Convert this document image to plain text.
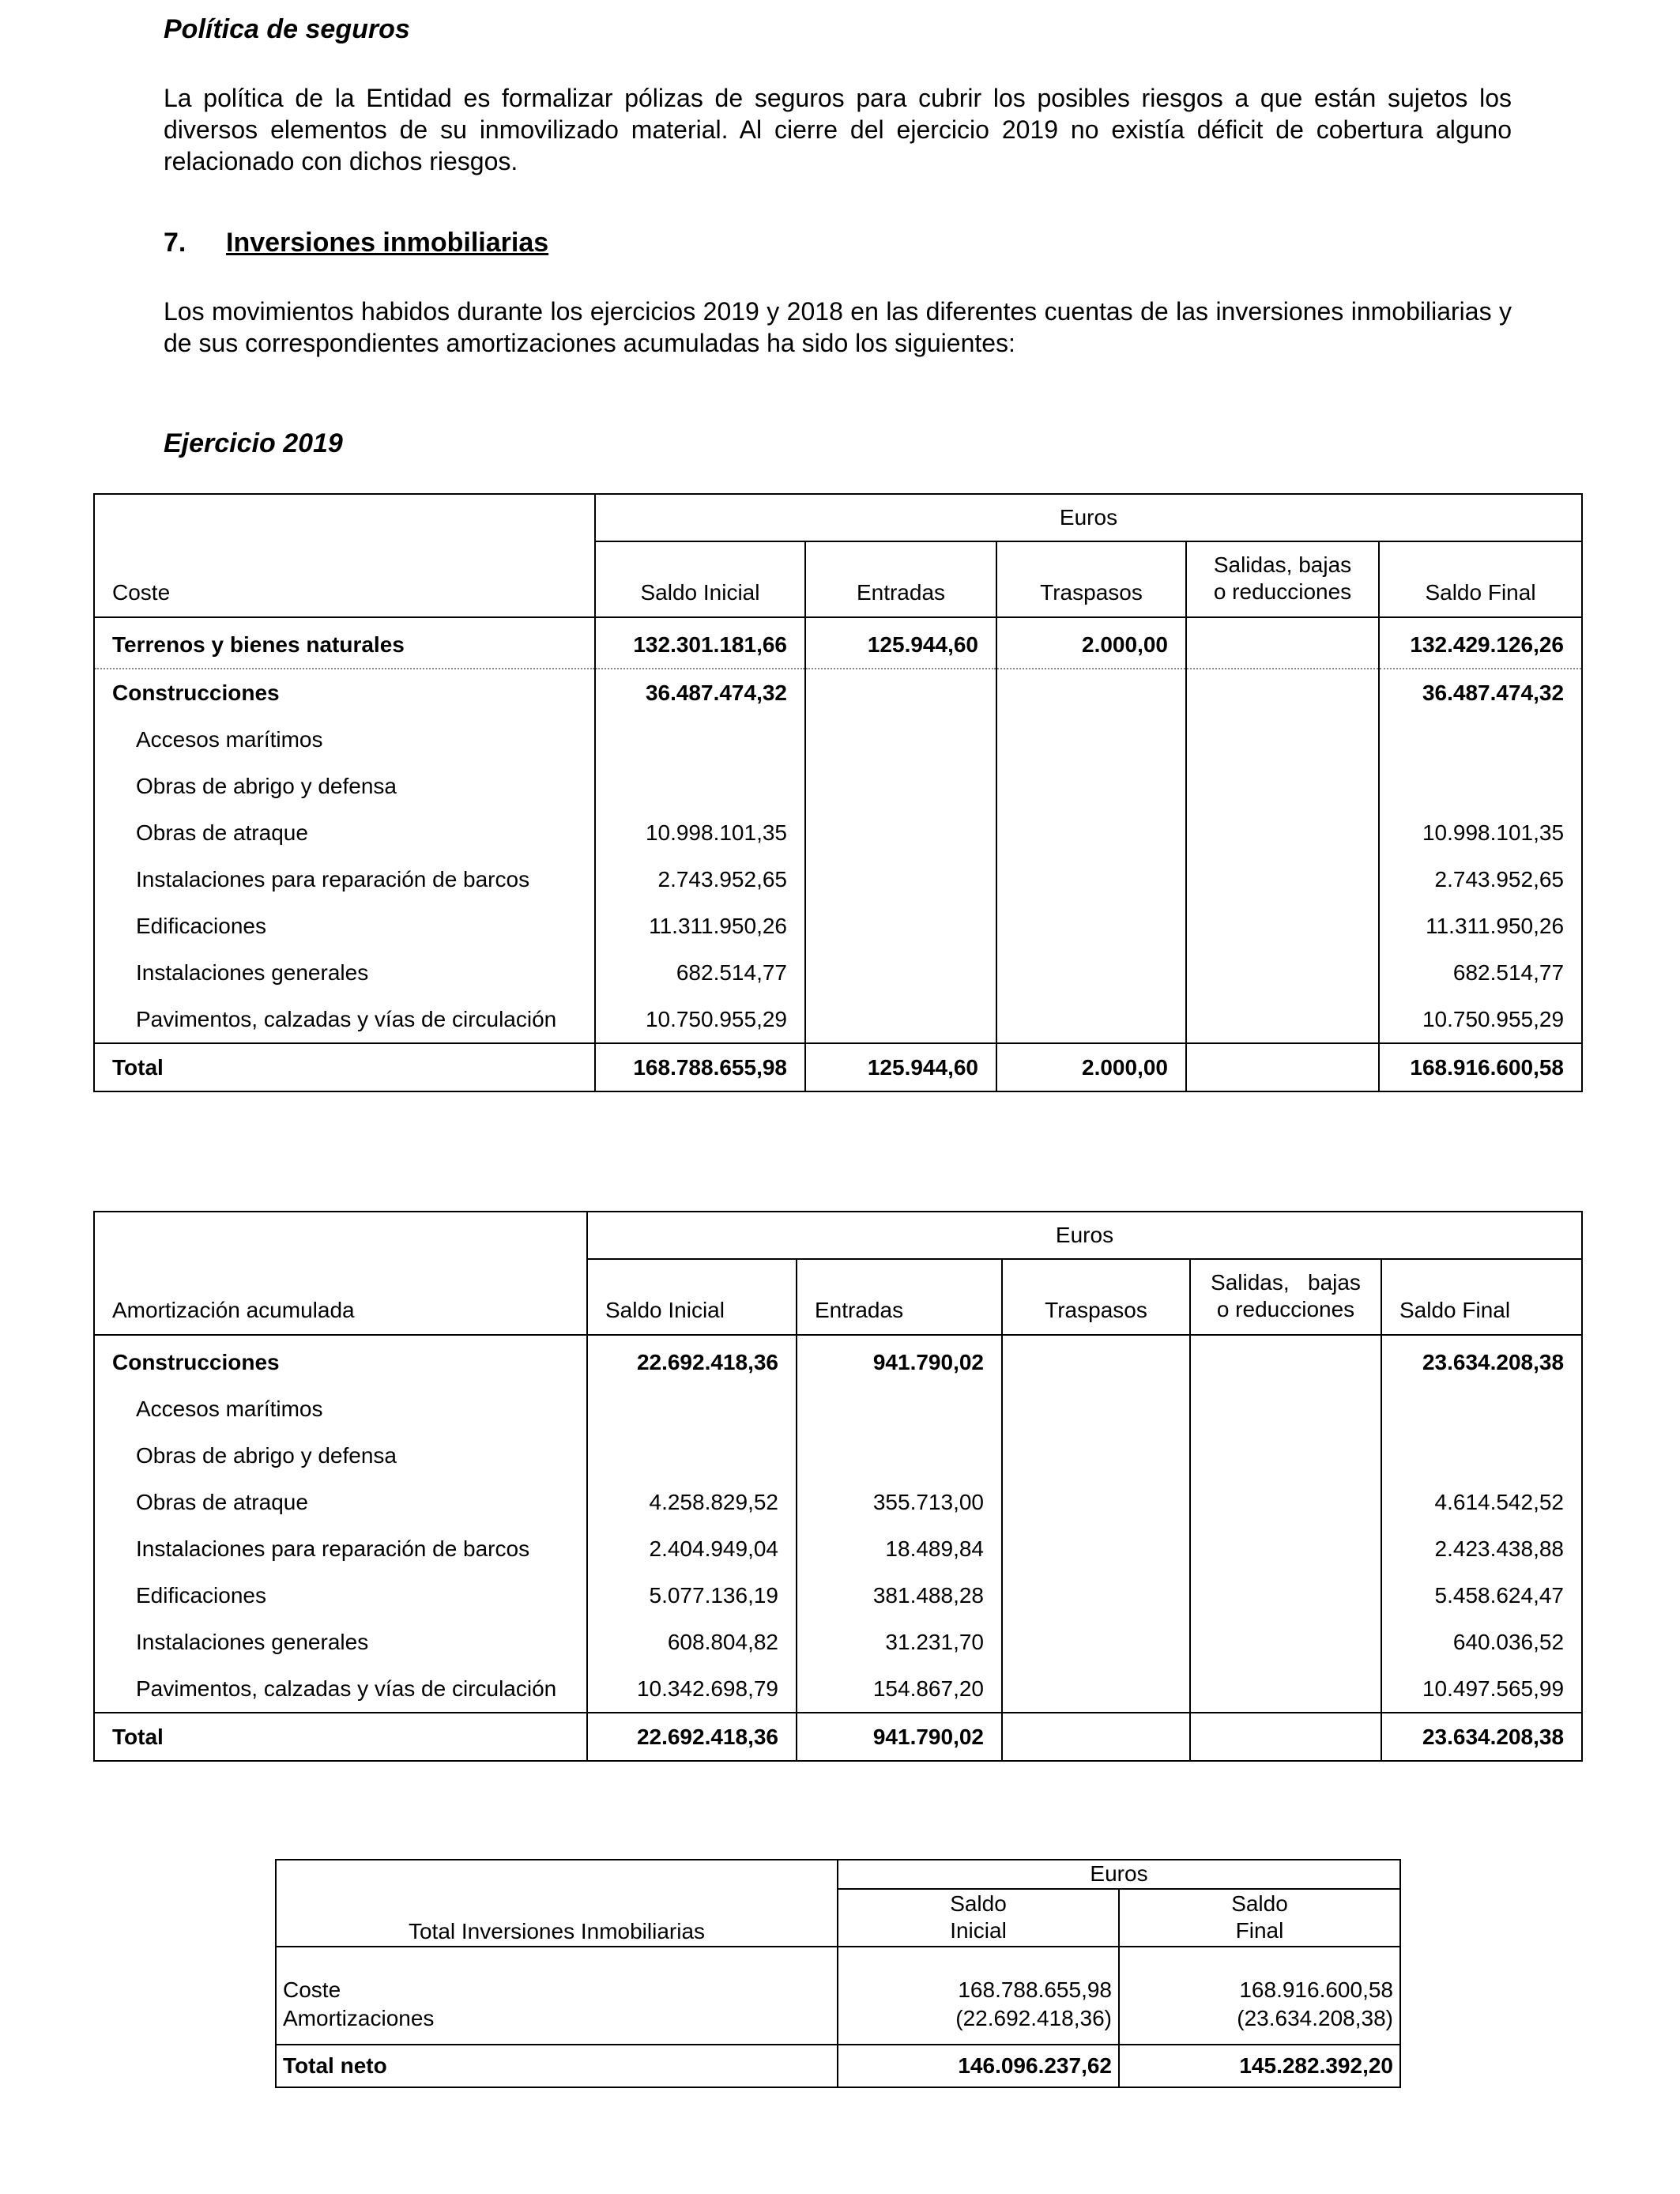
Política de seguros
La política de la Entidad es formalizar pólizas de seguros para cubrir los posibles riesgos a que están sujetos los diversos elementos de su inmovilizado material. Al cierre del ejercicio 2019 no existía déficit de cobertura alguno relacionado con dichos riesgos.
7. Inversiones inmobiliarias
Los movimientos habidos durante los ejercicios 2019 y 2018 en las diferentes cuentas de las inversiones inmobiliarias y de sus correspondientes amortizaciones acumuladas ha sido los siguientes:
Ejercicio 2019
Coste	Euros				
	Saldo Inicial	Entradas	Traspasos	Salidas, bajas
o reducciones	Saldo Final
Terrenos y bienes naturales	132.301.181,66	125.944,60	2.000,00		132.429.126,26
Construcciones	36.487.474,32				36.487.474,32
Accesos marítimos					
Obras de abrigo y defensa					
Obras de atraque	10.998.101,35				10.998.101,35
Instalaciones para reparación de barcos	2.743.952,65				2.743.952,65
Edificaciones	11.311.950,26				11.311.950,26
Instalaciones generales	682.514,77				682.514,77
Pavimentos, calzadas y vías de circulación	10.750.955,29				10.750.955,29
Total	168.788.655,98	125.944,60	2.000,00		168.916.600,58
Amortización acumulada	Euros				
	Saldo Inicial	Entradas	Traspasos	Salidas,   bajas
o reducciones	Saldo Final
Construcciones	22.692.418,36	941.790,02			23.634.208,38
Accesos marítimos					
Obras de abrigo y defensa					
Obras de atraque	4.258.829,52	355.713,00			4.614.542,52
Instalaciones para reparación de barcos	2.404.949,04	18.489,84			2.423.438,88
Edificaciones	5.077.136,19	381.488,28			5.458.624,47
Instalaciones generales	608.804,82	31.231,70			640.036,52
Pavimentos, calzadas y vías de circulación	10.342.698,79	154.867,20			10.497.565,99
Total	22.692.418,36	941.790,02			23.634.208,38
Total Inversiones Inmobiliarias	Euros	
	Saldo
Inicial	Saldo
Final
Coste	168.788.655,98	168.916.600,58
Amortizaciones	(22.692.418,36)	(23.634.208,38)
Total neto	146.096.237,62	145.282.392,20
